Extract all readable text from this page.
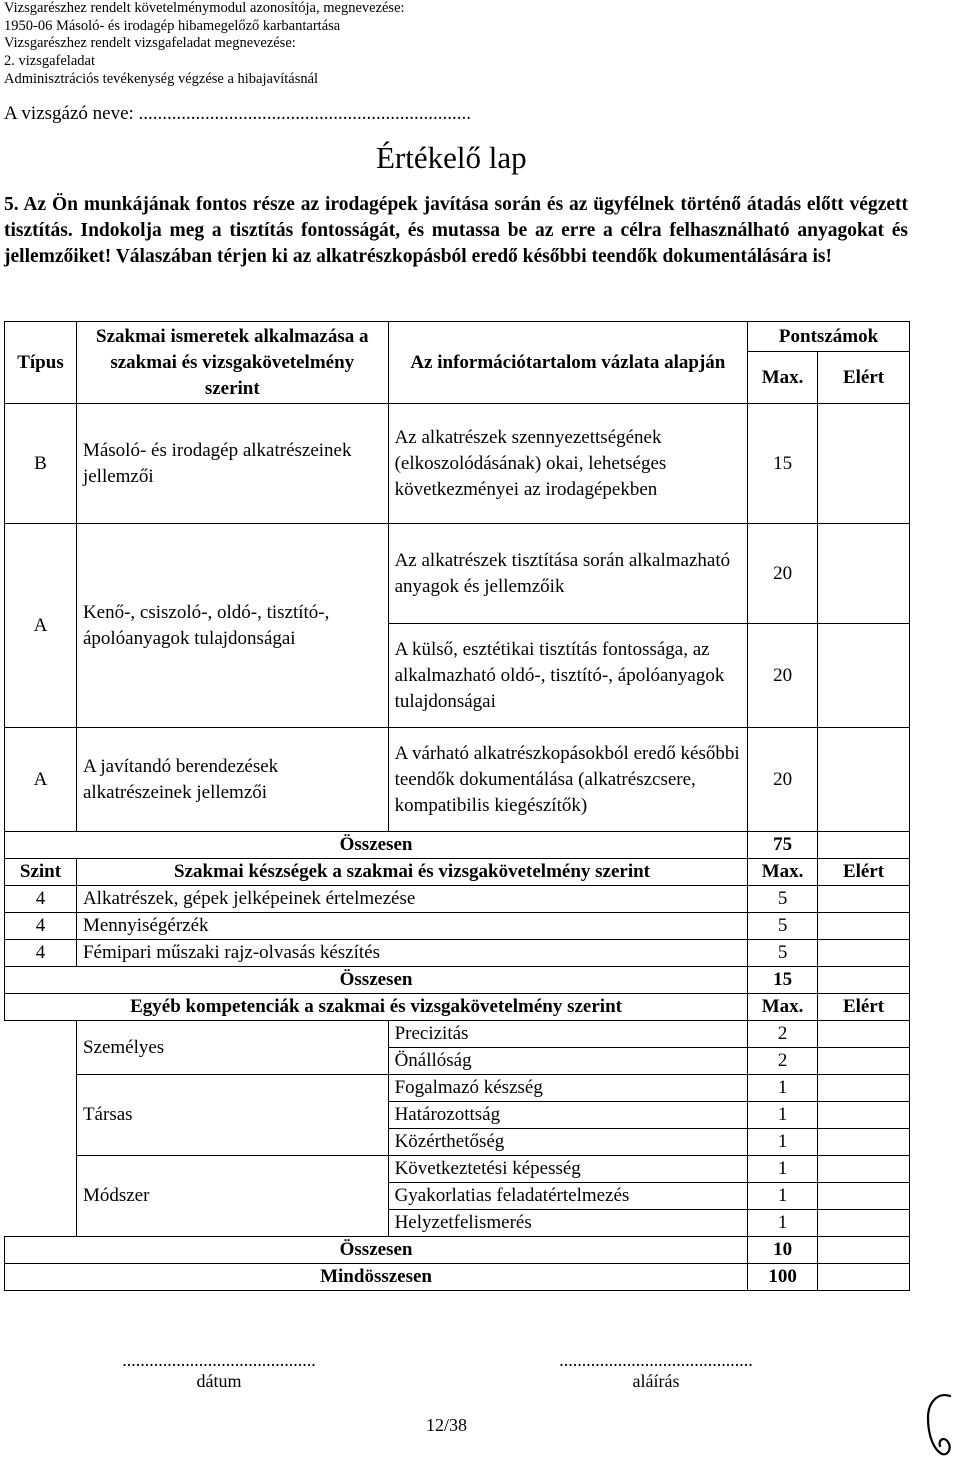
Vizsgarészhez rendelt követelménymodul azonosítója, megnevezése:
1950-06 Másoló- és irodagép hibamegelőző karbantartása
Vizsgarészhez rendelt vizsgafeladat megnevezése:
2. vizsgafeladat
Adminisztrációs tevékenység végzése a hibajavításnál
A vizsgázó neve: ......................................................................
Értékelő lap
5. Az Ön munkájának fontos része az irodagépek javítása során és az ügyfélnek történő átadás előtt végzett tisztítás. Indokolja meg a tisztítás fontosságát, és mutassa be az erre a célra felhasználható anyagokat és jellemzőiket! Válaszában térjen ki az alkatrészkopásból eredő későbbi teendők dokumentálására is!
Típus	Szakmai ismeretek alkalmazása a szakmai és vizsgakövetelmény szerint	Az információtartalom vázlata alapján	Pontszámok	
			Max.	Elért
B	Másoló- és irodagép alkatrészeinek jellemzői	Az alkatrészek szennyezettségének (elkoszolódásának) okai, lehetséges következményei az irodagépekben	15	
A	Kenő-, csiszoló-, oldó-, tisztító-, ápolóanyagok tulajdonságai	Az alkatrészek tisztítása során alkalmazható anyagok és jellemzőik	20	
		A külső, esztétikai tisztítás fontossága, az alkalmazható oldó-, tisztító-, ápolóanyagok tulajdonságai	20	
A	A javítandó berendezések alkatrészeinek jellemzői	A várható alkatrészkopásokból eredő későbbi teendők dokumentálása (alkatrészcsere, kompatibilis kiegészítők)	20	
Összesen			75	
Szint	Szakmai készségek a szakmai és vizsgakövetelmény szerint		Max.	Elért
4	Alkatrészek, gépek jelképeinek értelmezése		5	
4	Mennyiségérzék		5	
4	Fémipari műszaki rajz-olvasás készítés		5	
Összesen			15	
Egyéb kompetenciák a szakmai és vizsgakövetelmény szerint			Max.	Elért
	Személyes	Precizitás	2	
		Önállóság	2	
	Társas	Fogalmazó készség	1	
		Határozottság	1	
		Közérthetőség	1	
	Módszer	Következtetési képesség	1	
		Gyakorlatias feladatértelmezés	1	
		Helyzetfelismerés	1	
Összesen			10	
Mindösszesen			100	
...........................................
dátum
...........................................
aláírás
12/38
